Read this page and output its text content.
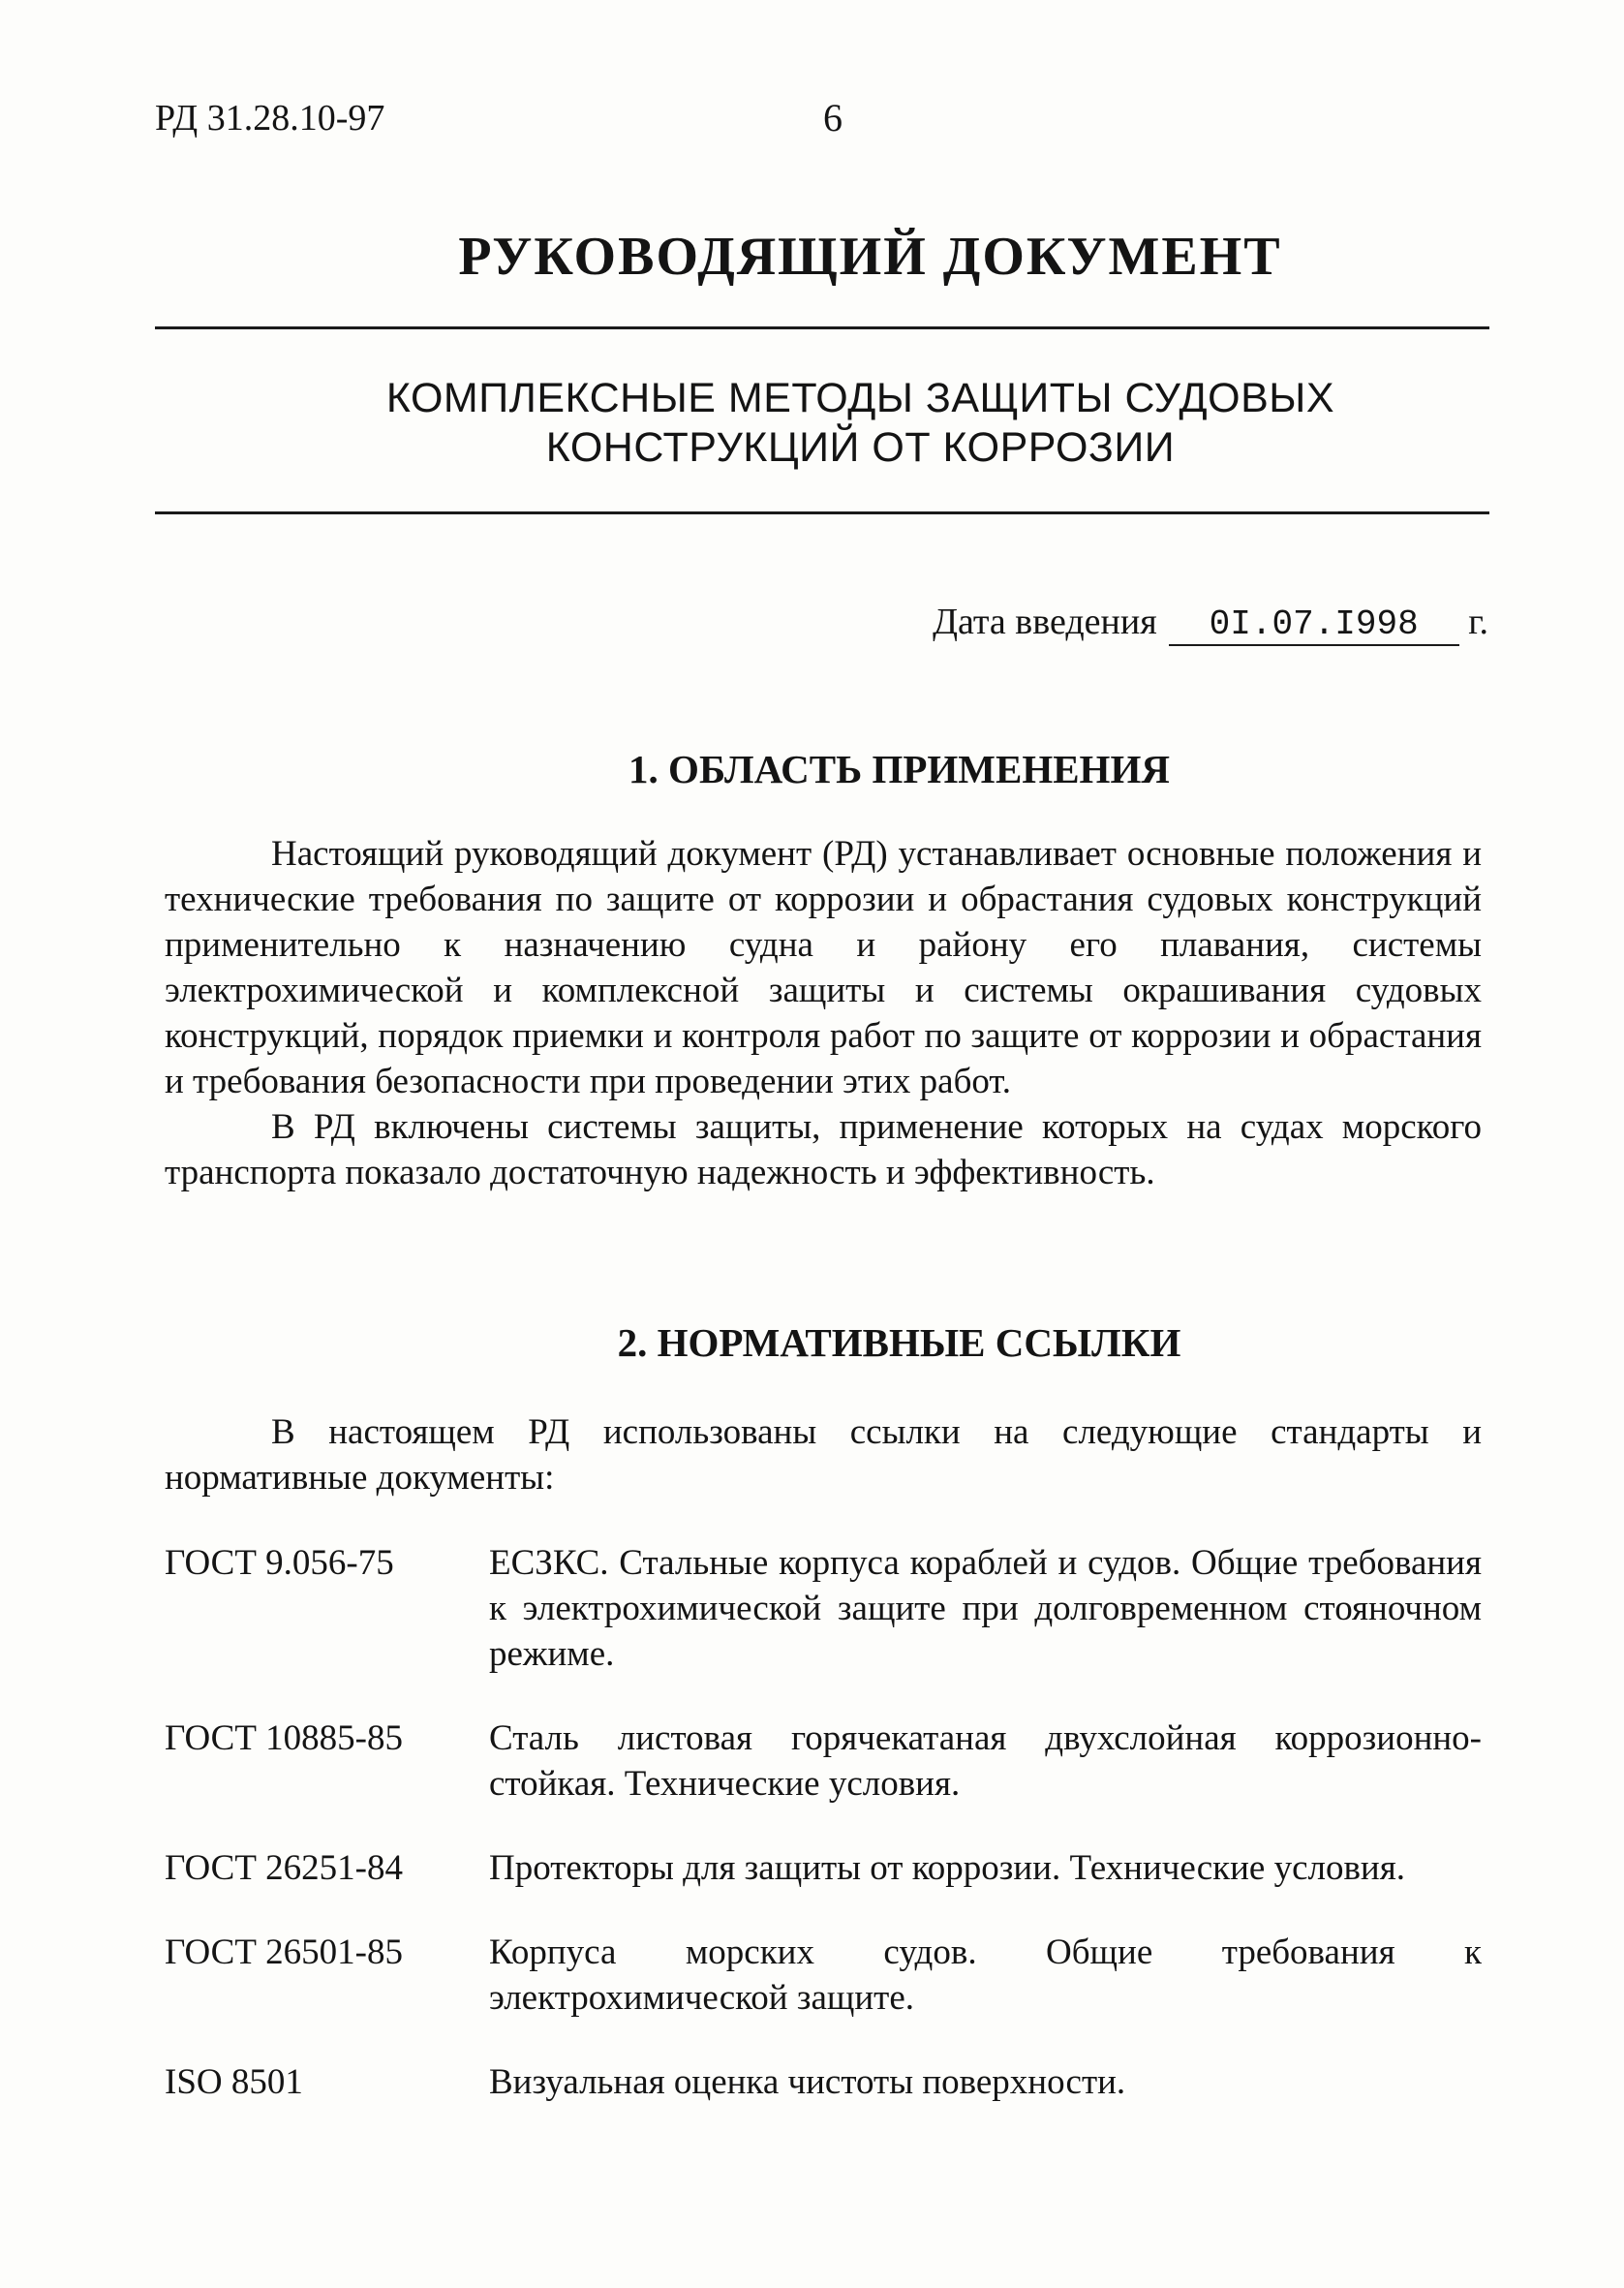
РД 31.28.10-97	6
РУКОВОДЯЩИЙ ДОКУМЕНТ
КОМПЛЕКСНЫЕ МЕТОДЫ ЗАЩИТЫ СУДОВЫХ
КОНСТРУКЦИЙ ОТ КОРРОЗИИ
Дата введения 0I.07.I998 г.
1. ОБЛАСТЬ ПРИМЕНЕНИЯ

Настоящий руководящий документ (РД) устанавливает основные положения и технические требования по защите от коррозии и обрастания судовых конструкций применительно к назначению судна и району его плавания, системы электрохимической и комплексной защиты и системы окрашивания судовых конструкций, порядок приемки и контроля работ по защите от коррозии и обрастания и требования безопасности при проведении этих работ.

В РД включены системы защиты, применение которых на судах морского транспорта показало достаточную надежность и эффективность.

2. НОРМАТИВНЫЕ ССЫЛКИ

В настоящем РД использованы ссылки на следующие стандарты и нормативные документы:

ГОСТ 9.056-75	ЕСЗКС. Стальные корпуса кораблей и судов. Общие требования к электрохимической защите при долговременном стояночном режиме.
ГОСТ 10885-85	Сталь листовая горячекатаная двухслойная коррозионно-стойкая. Технические условия.
ГОСТ 26251-84	Протекторы для защиты от коррозии. Технические условия.
ГОСТ 26501-85	Корпуса морских судов. Общие требования к электрохимической защите.
ISO 8501	Визуальная оценка чистоты поверхности.
